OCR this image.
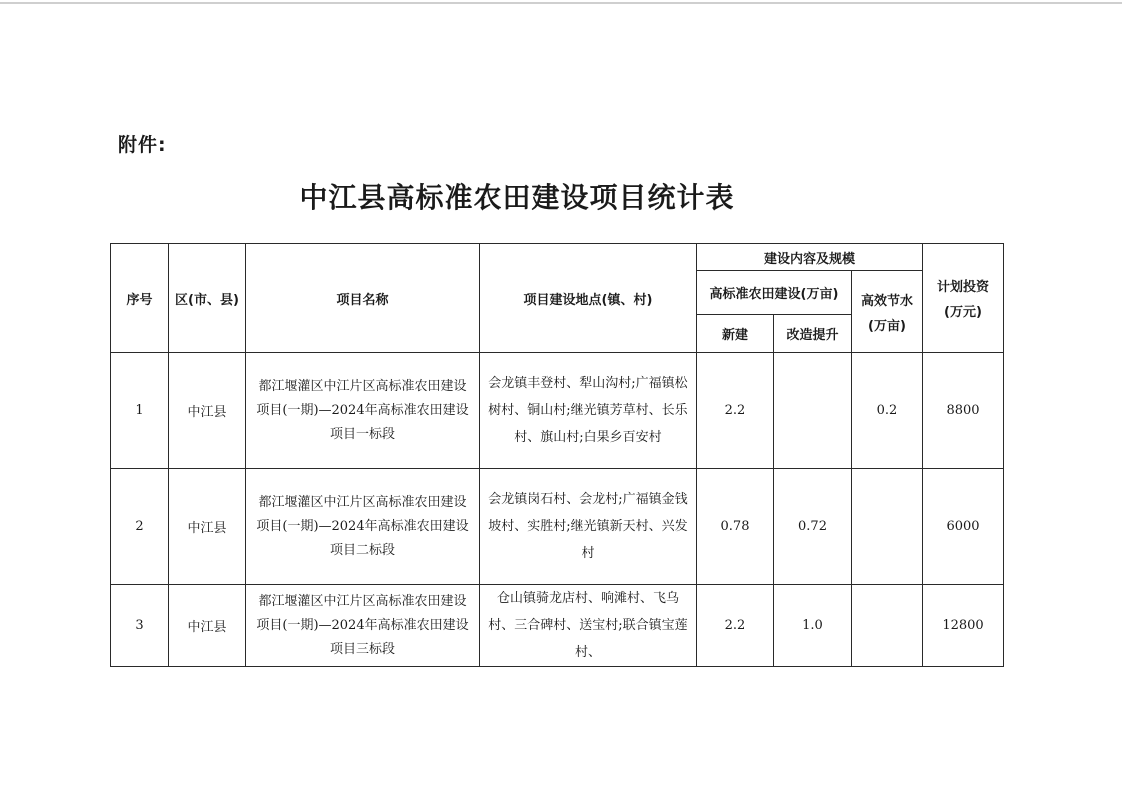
附件:
中江县高标准农田建设项目统计表
序号	区(市、县)	项目名称	项目建设地点(镇、村)	建设内容及规模			计划投资
(万元)

				高标准农田建设(万亩)		高效节水
(万亩)	

				新建	改造提升		
1	中江县	都江堰灌区中江片区高标准农田建设项目(一期)—2024年高标准农田建设项目一标段	会龙镇丰登村、犁山沟村;广福镇松树村、铜山村;继光镇芳草村、长乐村、旗山村;白果乡百安村	2.2		0.2	8800
2	中江县	都江堰灌区中江片区高标准农田建设项目(一期)—2024年高标准农田建设项目二标段	会龙镇岗石村、会龙村;广福镇金钱坡村、实胜村;继光镇新天村、兴发村	0.78	0.72		6000
3	中江县	都江堰灌区中江片区高标准农田建设项目(一期)—2024年高标准农田建设项目三标段	仓山镇骑龙店村、响滩村、飞乌村、三合碑村、送宝村;联合镇宝莲村、	2.2	1.0		12800
